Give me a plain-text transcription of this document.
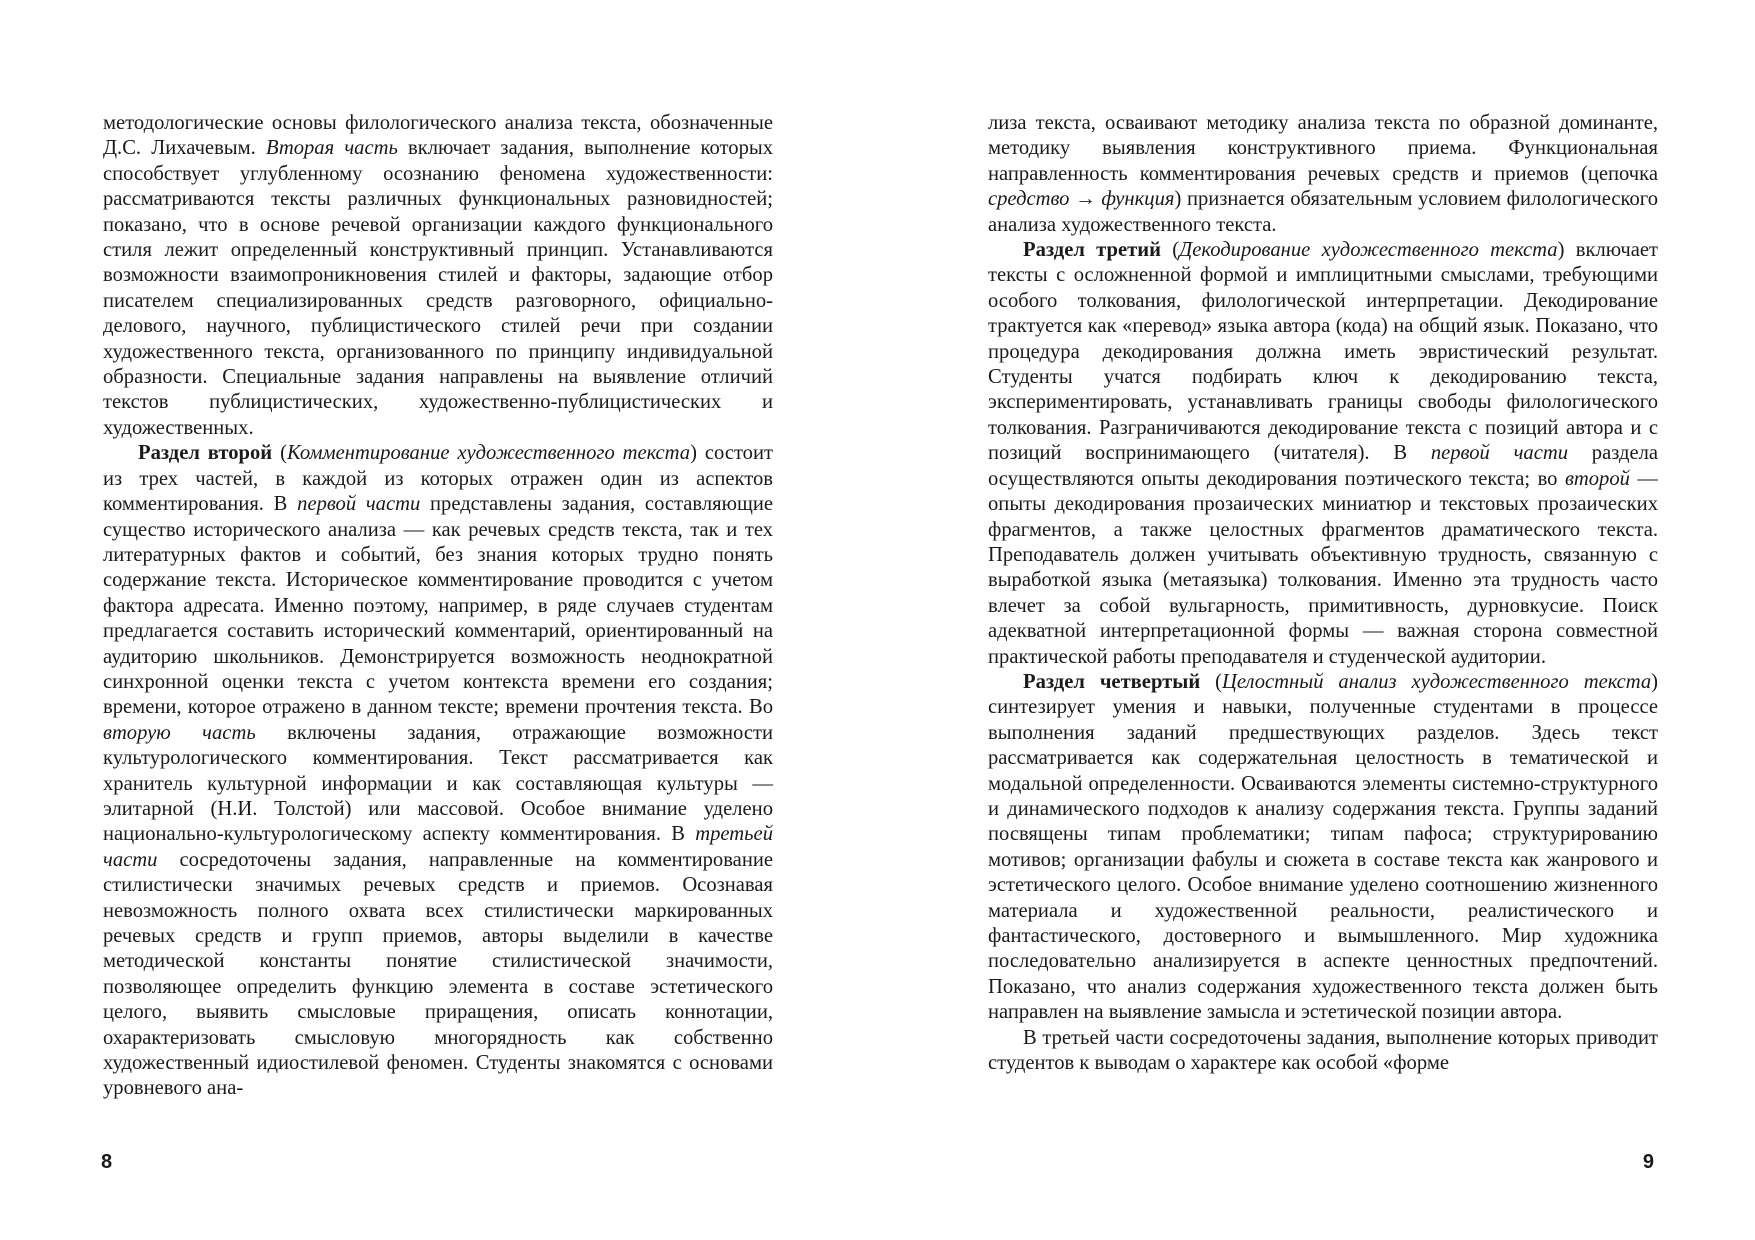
методологические основы филологического анализа текста, обозначенные Д.С. Лихачевым. Вторая часть включает задания, выполнение которых способствует углубленному осознанию феномена художественности: рассматриваются тексты различных функциональных разновидностей; показано, что в основе речевой организации каждого функционального стиля лежит определенный конструктивный принцип. Устанавливаются возможности взаимопроникновения стилей и факторы, задающие отбор писателем специализированных средств разговорного, официально-делового, научного, публицистического стилей речи при создании художественного текста, организованного по принципу индивидуальной образности. Специальные задания направлены на выявление отличий текстов публицистических, художественно-публицистических и художественных.

Раздел второй (Комментирование художественного текста) состоит из трех частей, в каждой из которых отражен один из аспектов комментирования. В первой части представлены задания, составляющие существо исторического анализа — как речевых средств текста, так и тех литературных фактов и событий, без знания которых трудно понять содержание текста. Историческое комментирование проводится с учетом фактора адресата. Именно поэтому, например, в ряде случаев студентам предлагается составить исторический комментарий, ориентированный на аудиторию школьников. Демонстрируется возможность неоднократной синхронной оценки текста с учетом контекста времени его создания; времени, которое отражено в данном тексте; времени прочтения текста. Во вторую часть включены задания, отражающие возможности культурологического комментирования. Текст рассматривается как хранитель культурной информации и как составляющая культуры — элитарной (Н.И. Толстой) или массовой. Особое внимание уделено национально-культурологическому аспекту комментирования. В третьей части сосредоточены задания, направленные на комментирование стилистически значимых речевых средств и приемов. Осознавая невозможность полного охвата всех стилистически маркированных речевых средств и групп приемов, авторы выделили в качестве методической константы понятие стилистической значимости, позволяющее определить функцию элемента в составе эстетического целого, выявить смысловые приращения, описать коннотации, охарактеризовать смысловую многорядность как собственно художественный идиостилевой феномен. Студенты знакомятся с основами уровневого ана-

8

лиза текста, осваивают методику анализа текста по образной доминанте, методику выявления конструктивного приема. Функциональная направленность комментирования речевых средств и приемов (цепочка средство → функция) признается обязательным условием филологического анализа художественного текста.

Раздел третий (Декодирование художественного текста) включает тексты с осложненной формой и имплицитными смыслами, требующими особого толкования, филологической интерпретации. Декодирование трактуется как «перевод» языка автора (кода) на общий язык. Показано, что процедура декодирования должна иметь эвристический результат. Студенты учатся подбирать ключ к декодированию текста, экспериментировать, устанавливать границы свободы филологического толкования. Разграничиваются декодирование текста с позиций автора и с позиций воспринимающего (читателя). В первой части раздела осуществляются опыты декодирования поэтического текста; во второй — опыты декодирования прозаических миниатюр и текстовых прозаических фрагментов, а также целостных фрагментов драматического текста. Преподаватель должен учитывать объективную трудность, связанную с выработкой языка (метаязыка) толкования. Именно эта трудность часто влечет за собой вульгарность, примитивность, дурновкусие. Поиск адекватной интерпретационной формы — важная сторона совместной практической работы преподавателя и студенческой аудитории.

Раздел четвертый (Целостный анализ художественного текста) синтезирует умения и навыки, полученные студентами в процессе выполнения заданий предшествующих разделов. Здесь текст рассматривается как содержательная целостность в тематической и модальной определенности. Осваиваются элементы системно-структурного и динамического подходов к анализу содержания текста. Группы заданий посвящены типам проблематики; типам пафоса; структурированию мотивов; организации фабулы и сюжета в составе текста как жанрового и эстетического целого. Особое внимание уделено соотношению жизненного материала и художественной реальности, реалистического и фантастического, достоверного и вымышленного. Мир художника последовательно анализируется в аспекте ценностных предпочтений. Показано, что анализ содержания художественного текста должен быть направлен на выявление замысла и эстетической позиции автора.

В третьей части сосредоточены задания, выполнение которых приводит студентов к выводам о характере как особой «форме

9
